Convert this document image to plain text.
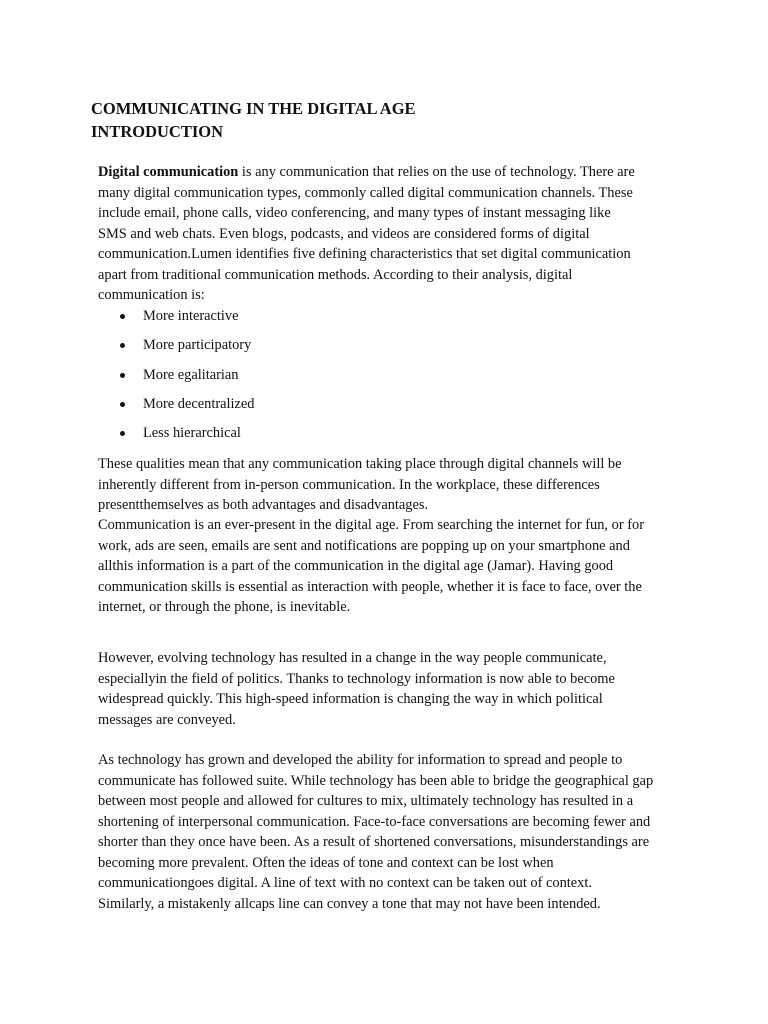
COMMUNICATING IN THE DIGITAL AGE
INTRODUCTION

Digital communication is any communication that relies on the use of technology. There are
many digital communication types, commonly called digital communication channels. These
include email, phone calls, video conferencing, and many types of instant messaging like
SMS and web chats. Even blogs, podcasts, and videos are considered forms of digital
communication.Lumen identifies five defining characteristics that set digital communication
apart from traditional communication methods. According to their analysis, digital
communication is:

More interactive
More participatory
More egalitarian
More decentralized
Less hierarchical

These qualities mean that any communication taking place through digital channels will be
inherently different from in-person communication. In the workplace, these differences
presentthemselves as both advantages and disadvantages.

Communication is an ever-present in the digital age. From searching the internet for fun, or for
work, ads are seen, emails are sent and notifications are popping up on your smartphone and
allthis information is a part of the communication in the digital age (Jamar). Having good
communication skills is essential as interaction with people, whether it is face to face, over the
internet, or through the phone, is inevitable.

However, evolving technology has resulted in a change in the way people communicate,
especiallyin the field of politics. Thanks to technology information is now able to become
widespread quickly. This high-speed information is changing the way in which political
messages are conveyed.

As technology has grown and developed the ability for information to spread and people to
communicate has followed suite. While technology has been able to bridge the geographical gap
between most people and allowed for cultures to mix, ultimately technology has resulted in a
shortening of interpersonal communication. Face-to-face conversations are becoming fewer and
shorter than they once have been. As a result of shortened conversations, misunderstandings are
becoming more prevalent. Often the ideas of tone and context can be lost when
communicationgoes digital. A line of text with no context can be taken out of context.
Similarly, a mistakenly allcaps line can convey a tone that may not have been intended.
